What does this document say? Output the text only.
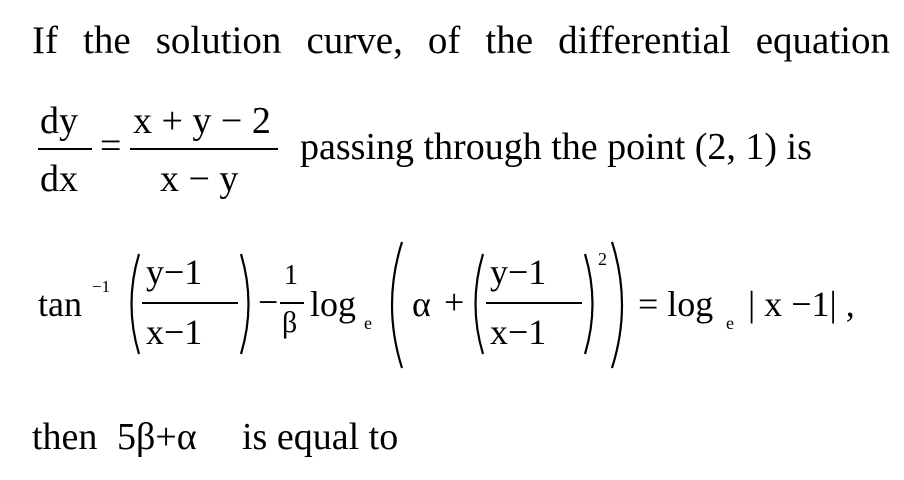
If the solution curve, of the differential equation
dy
dx
=
x + y − 2
x − y
passing through the point (2, 1) is
tan −1 y−1
x−1
−
1
β log e α +
y−1
x−1
2
= log e | x −1| ,
then 5β+α is equal to
